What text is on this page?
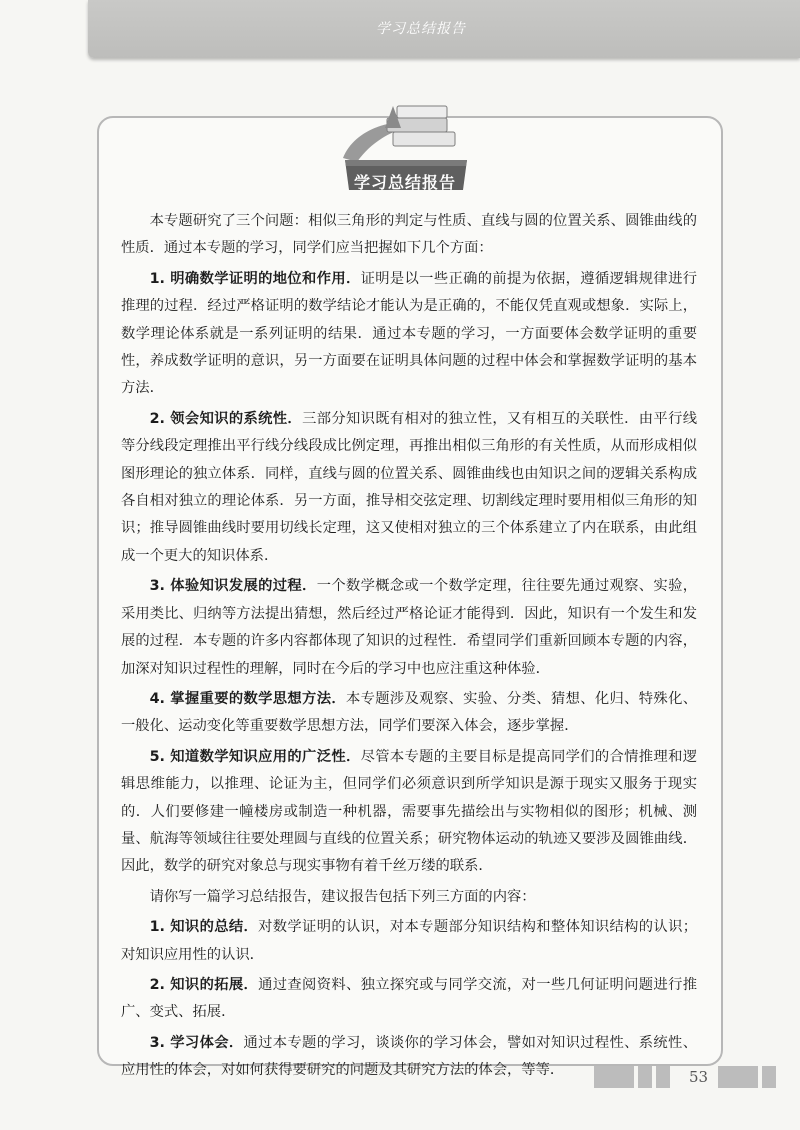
学习总结报告
学习总结报告

本专题研究了三个问题：相似三角形的判定与性质、直线与圆的位置关系、圆锥曲线的性质．通过本专题的学习，同学们应当把握如下几个方面：

1. 明确数学证明的地位和作用．证明是以一些正确的前提为依据，遵循逻辑规律进行推理的过程．经过严格证明的数学结论才能认为是正确的，不能仅凭直观或想象．实际上，数学理论体系就是一系列证明的结果．通过本专题的学习，一方面要体会数学证明的重要性，养成数学证明的意识，另一方面要在证明具体问题的过程中体会和掌握数学证明的基本方法．

2. 领会知识的系统性．三部分知识既有相对的独立性，又有相互的关联性．由平行线等分线段定理推出平行线分线段成比例定理，再推出相似三角形的有关性质，从而形成相似图形理论的独立体系．同样，直线与圆的位置关系、圆锥曲线也由知识之间的逻辑关系构成各自相对独立的理论体系．另一方面，推导相交弦定理、切割线定理时要用相似三角形的知识；推导圆锥曲线时要用切线长定理，这又使相对独立的三个体系建立了内在联系，由此组成一个更大的知识体系．

3. 体验知识发展的过程．一个数学概念或一个数学定理，往往要先通过观察、实验，采用类比、归纳等方法提出猜想，然后经过严格论证才能得到．因此，知识有一个发生和发展的过程．本专题的许多内容都体现了知识的过程性．希望同学们重新回顾本专题的内容，加深对知识过程性的理解，同时在今后的学习中也应注重这种体验．

4. 掌握重要的数学思想方法．本专题涉及观察、实验、分类、猜想、化归、特殊化、一般化、运动变化等重要数学思想方法，同学们要深入体会，逐步掌握．

5. 知道数学知识应用的广泛性．尽管本专题的主要目标是提高同学们的合情推理和逻辑思维能力，以推理、论证为主，但同学们必须意识到所学知识是源于现实又服务于现实的．人们要修建一幢楼房或制造一种机器，需要事先描绘出与实物相似的图形；机械、测量、航海等领域往往要处理圆与直线的位置关系；研究物体运动的轨迹又要涉及圆锥曲线．因此，数学的研究对象总与现实事物有着千丝万缕的联系．

请你写一篇学习总结报告，建议报告包括下列三方面的内容：

1. 知识的总结．对数学证明的认识，对本专题部分知识结构和整体知识结构的认识；对知识应用性的认识．

2. 知识的拓展．通过查阅资料、独立探究或与同学交流，对一些几何证明问题进行推广、变式、拓展．

3. 学习体会．通过本专题的学习，谈谈你的学习体会，譬如对知识过程性、系统性、应用性的体会，对如何获得要研究的问题及其研究方法的体会，等等．	53
